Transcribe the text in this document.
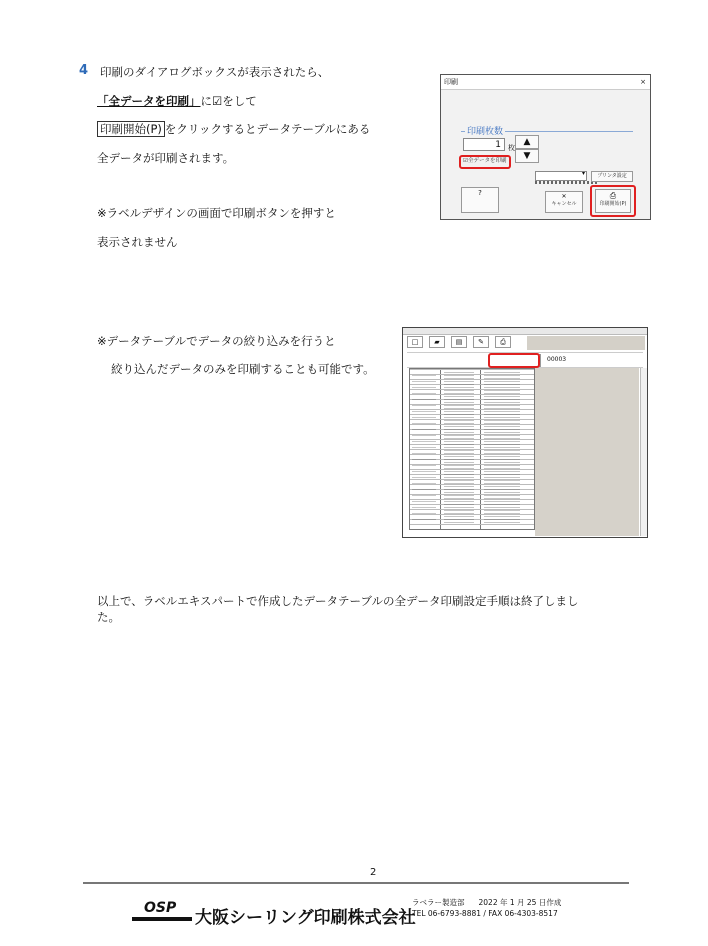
4 印刷のダイアログボックスが表示されたら、
「全データを印刷」に☑をして
印刷開始(P) をクリックするとデータテーブルにある
全データが印刷されます。
※ラベルデザインの画面で印刷ボタンを押すと
表示されません
印刷	×
印刷枚数
1	枚
▲
▼
☑全データを印刷
▾	プリンタ設定
?	✕
キャンセル
⎙
印刷開始(P)
※データテーブルでデータの絞り込みを行うと
絞り込んだデータのみを印刷することも可能です。
□	▰	▤	✎	⎙
00003
以上で、ラベルエキスパートで作成したデータテーブルの全データ印刷設定手順は終了しまし
た。
2
OSP 大阪シーリング印刷株式会社
ラベラー製造部 2022 年 1 月 25 日作成
TEL 06-6793-8881 / FAX 06-4303-8517
